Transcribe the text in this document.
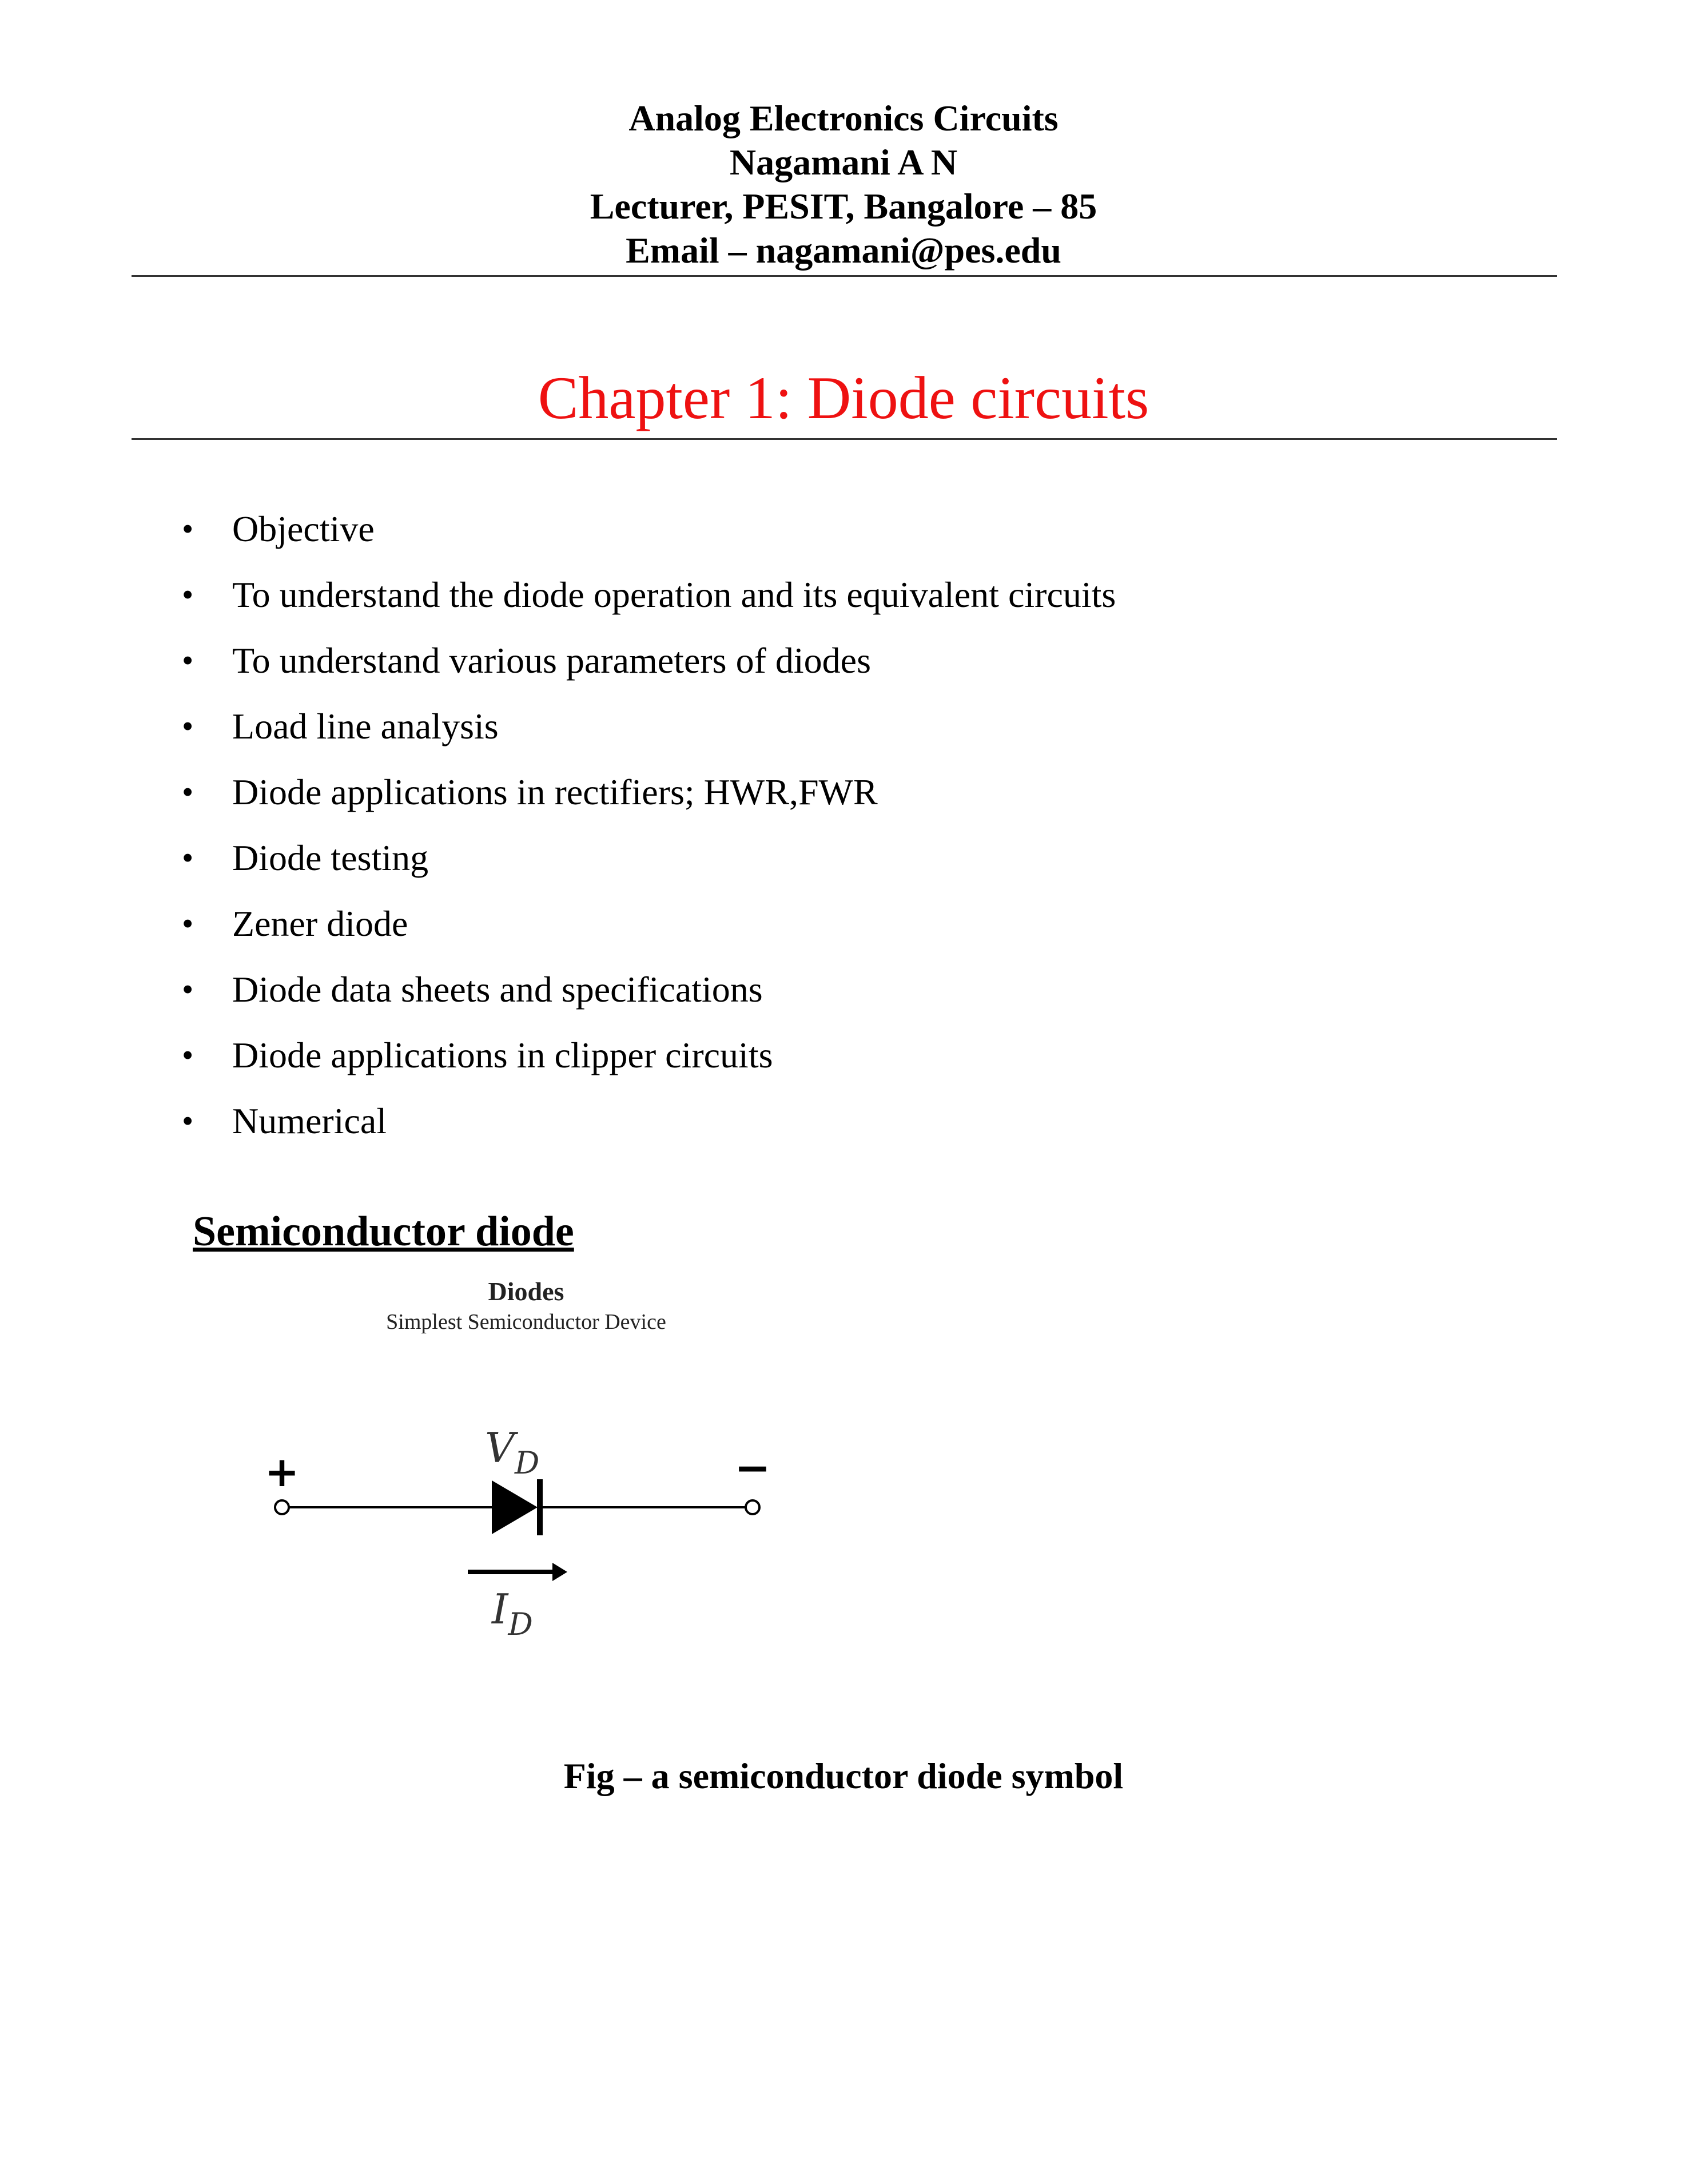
Analog Electronics Circuits
Nagamani A N
Lecturer, PESIT, Bangalore – 85
Email – nagamani@pes.edu
Chapter 1: Diode circuits
•	Objective
•	To understand the diode operation and its equivalent circuits
•	To understand various parameters of diodes
•	Load line analysis
•	Diode applications in rectifiers; HWR,FWR
•	Diode testing
•	Zener diode
•	Diode data sheets and specifications
•	Diode applications in clipper circuits
•	Numerical
Semiconductor diode
Diodes
Simplest Semiconductor Device
+	−
$V_D$
$I_D$
Fig – a semiconductor diode symbol
